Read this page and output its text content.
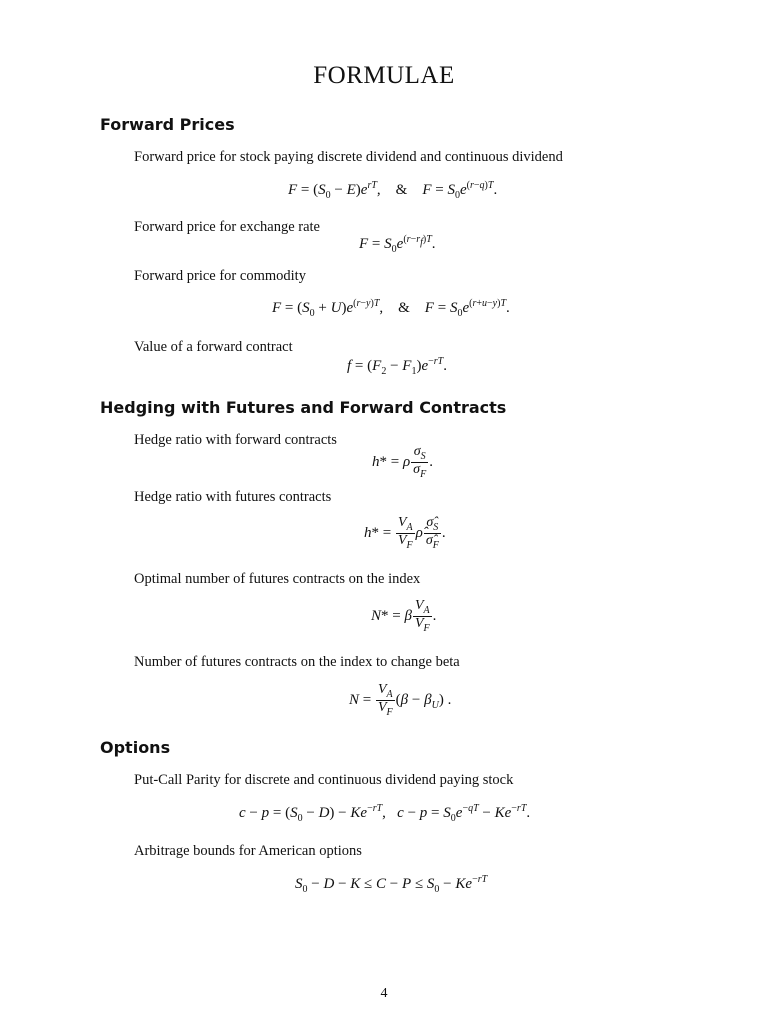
FORMULAE
Forward Prices
Forward price for stock paying discrete dividend and continuous dividend
$F = (S_0 - E)e^{rT}$,    &    $F = S_0e^{(r-q)T}$.
Forward price for exchange rate
$F = S_0e^{(r-r_f)T}$.
Forward price for commodity
$F = (S_0 + U)e^{(r-y)T}$,    &    $F = S_0e^{(r+u-y)T}$.
Value of a forward contract
$f = (F_2 - F_1)e^{-rT}$.
Hedging with Futures and Forward Contracts
Hedge ratio with forward contracts
h* = ρ $\frac{\sigma_S}{\sigma_F}$ .
Hedge ratio with futures contracts
$h* = \frac{V_A}{V_F}$ ρ̂ $\frac{\sigmâ_S}{\sigmâ_F}$ .
Optimal number of futures contracts on the index
N* = β $\frac{V_A}{V_F}$ .
Number of futures contracts on the index to change beta
$N = \frac{V_A}{V_F} (\beta - \beta_U)$ .
Options
Put-Call Parity for discrete and continuous dividend paying stock
$c - p = (S_0 - D) - Ke^{-rT}$,   $c - p = S_0e^{-qT} - Ke^{-rT}$.
Arbitrage bounds for American options
$S_0 - D - K \le C - P \le S_0 - Ke^{-rT}$
4
